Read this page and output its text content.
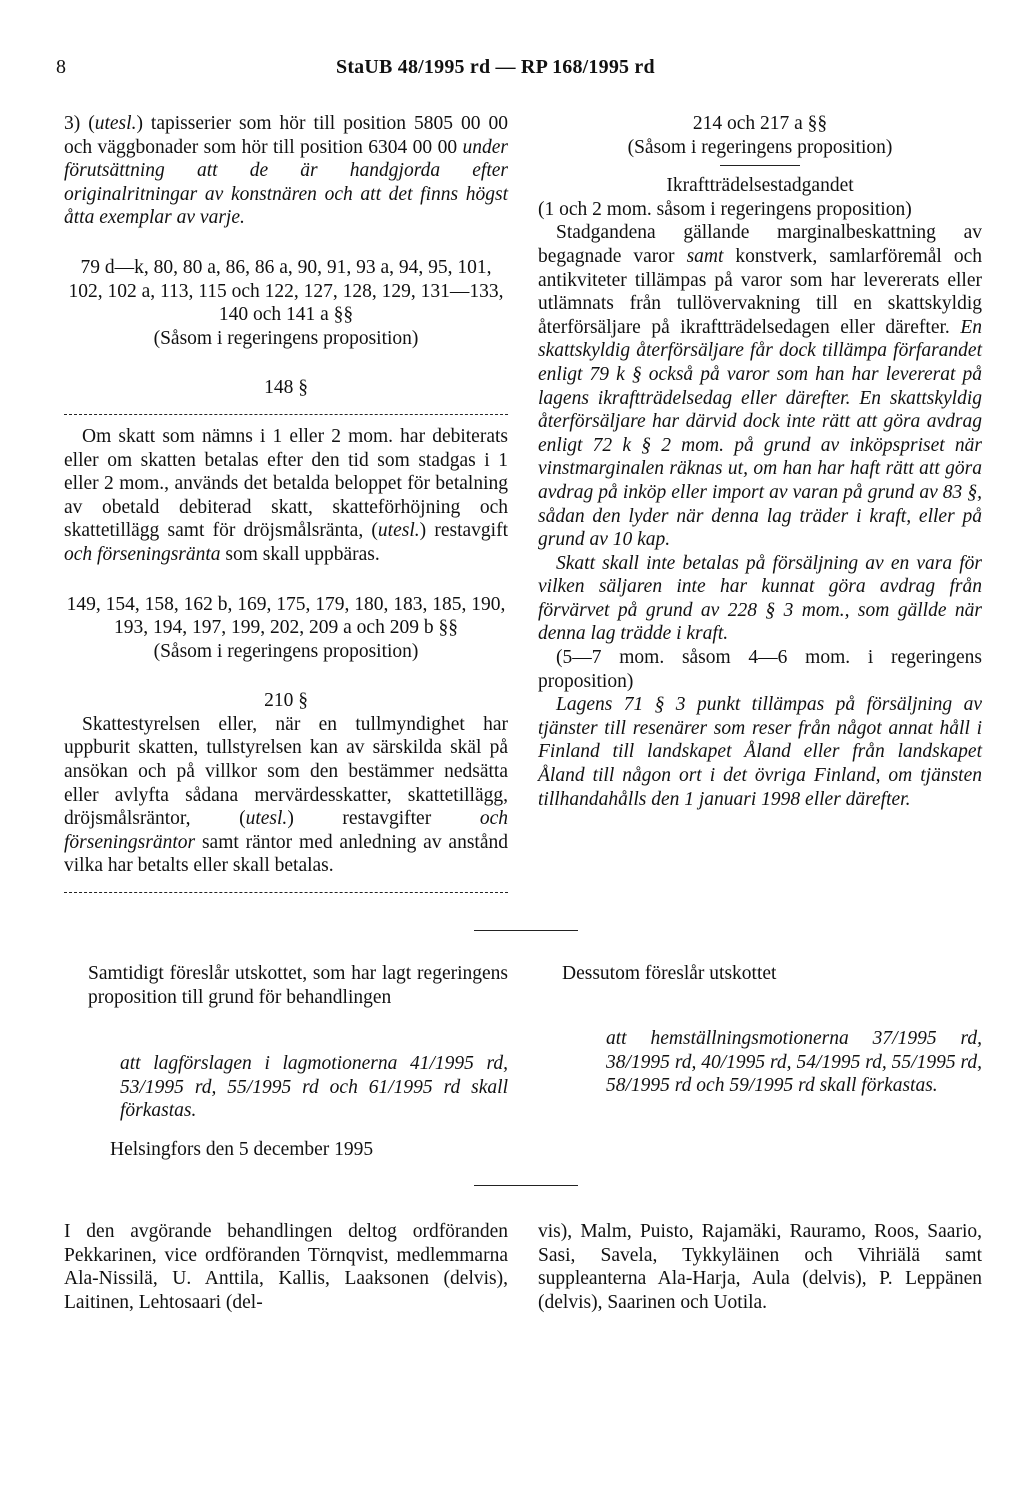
8	StaUB 48/1995 rd — RP 168/1995 rd

3) (utesl.) tapisserier som hör till position 5805 00 00 och väggbonader som hör till position 6304 00 00 under förutsättning att de är handgjorda efter originalritningar av konstnären och att det finns högst åtta exemplar av varje.

79 d—k, 80, 80 a, 86, 86 a, 90, 91, 93 a, 94, 95, 101, 102, 102 a, 113, 115 och 122, 127, 128, 129, 131—133, 140 och 141 a §§

(Såsom i regeringens proposition)

148 §

Om skatt som nämns i 1 eller 2 mom. har debiterats eller om skatten betalas efter den tid som stadgas i 1 eller 2 mom., används det betalda beloppet för betalning av obetald debiterad skatt, skatteförhöjning och skattetillägg samt för dröjsmålsränta, (utesl.) restavgift och förseningsränta som skall uppbäras.

149, 154, 158, 162 b, 169, 175, 179, 180, 183, 185, 190, 193, 194, 197, 199, 202, 209 a och 209 b §§

(Såsom i regeringens proposition)

210 §

Skattestyrelsen eller, när en tullmyndighet har uppburit skatten, tullstyrelsen kan av särskilda skäl på ansökan och på villkor som den bestämmer nedsätta eller avlyfta sådana mervärdesskatter, skattetillägg, dröjsmålsräntor, (utesl.) restavgifter och förseningsräntor samt räntor med anledning av anstånd vilka har betalts eller skall betalas.

214 och 217 a §§

(Såsom i regeringens proposition)

Ikraftträdelsestadgandet

(1 och 2 mom. såsom i regeringens proposition)

Stadgandena gällande marginalbeskattning av begagnade varor samt konstverk, samlarföremål och antikviteter tillämpas på varor som har levererats eller utlämnats från tullövervakning till en skattskyldig återförsäljare på ikraftträdelsedagen eller därefter. En skattskyldig återförsäljare får dock tillämpa förfarandet enligt 79 k § också på varor som han har levererat på lagens ikraftträdelsedag eller därefter. En skattskyldig återförsäljare har därvid dock inte rätt att göra avdrag enligt 72 k § 2 mom. på grund av inköpspriset när vinstmarginalen räknas ut, om han har haft rätt att göra avdrag på inköp eller import av varan på grund av 83 §, sådan den lyder när denna lag träder i kraft, eller på grund av 10 kap.

Skatt skall inte betalas på försäljning av en vara för vilken säljaren inte har kunnat göra avdrag från förvärvet på grund av 228 § 3 mom., som gällde när denna lag trädde i kraft.

(5—7 mom. såsom 4—6 mom. i regeringens proposition)

Lagens 71 § 3 punkt tillämpas på försäljning av tjänster till resenärer som reser från något annat håll i Finland till landskapet Åland eller från landskapet Åland till någon ort i det övriga Finland, om tjänsten tillhandahålls den 1 januari 1998 eller därefter.

Samtidigt föreslår utskottet, som har lagt regeringens proposition till grund för behandlingen

att lagförslagen i lagmotionerna 41/1995 rd, 53/1995 rd, 55/1995 rd och 61/1995 rd skall förkastas.

Helsingfors den 5 december 1995

Dessutom föreslår utskottet

att hemställningsmotionerna 37/1995 rd, 38/1995 rd, 40/1995 rd, 54/1995 rd, 55/1995 rd, 58/1995 rd och 59/1995 rd skall förkastas.

I den avgörande behandlingen deltog ordföranden Pekkarinen, vice ordföranden Törnqvist, medlemmarna Ala-Nissilä, U. Anttila, Kallis, Laaksonen (delvis), Laitinen, Lehtosaari (del-

vis), Malm, Puisto, Rajamäki, Rauramo, Roos, Saario, Sasi, Savela, Tykkyläinen och Vihriälä samt suppleanterna Ala-Harja, Aula (delvis), P. Leppänen (delvis), Saarinen och Uotila.
